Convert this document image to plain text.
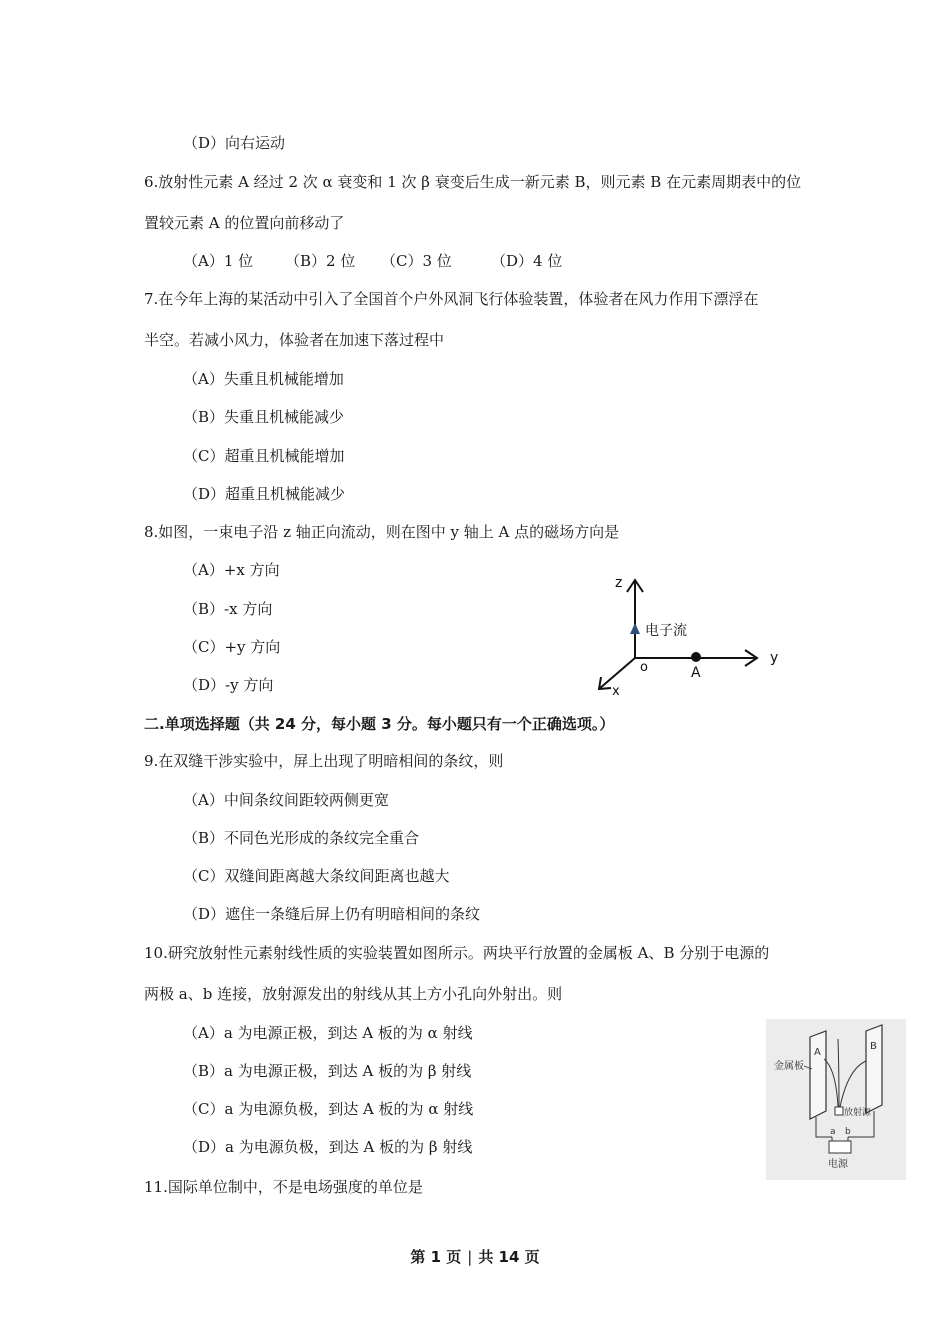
（D）向右运动

6.放射性元素 A 经过 2 次 α 衰变和 1 次 β 衰变后生成一新元素 B，则元素 B 在元素周期表中的位

置较元素 A 的位置向前移动了

（A）1 位 （B）2 位 （C）3 位	（D）4 位

7.在今年上海的某活动中引入了全国首个户外风洞飞行体验装置，体验者在风力作用下漂浮在

半空。若减小风力，体验者在加速下落过程中

（A）失重且机械能增加

（B）失重且机械能减少

（C）超重且机械能增加

（D）超重且机械能减少

8.如图，一束电子沿 z 轴正向流动，则在图中 y 轴上 A 点的磁场方向是

（A）+x 方向

（B）-x 方向

（C）+y 方向

（D）-y 方向

z
y
x
o
电子流
A

二.单项选择题（共 24 分，每小题 3 分。每小题只有一个正确选项。）

9.在双缝干涉实验中，屏上出现了明暗相间的条纹，则

（A）中间条纹间距较两侧更宽

（B）不同色光形成的条纹完全重合

（C）双缝间距离越大条纹间距离也越大

（D）遮住一条缝后屏上仍有明暗相间的条纹

10.研究放射性元素射线性质的实验装置如图所示。两块平行放置的金属板 A、B 分别于电源的

两极 a、b 连接，放射源发出的射线从其上方小孔向外射出。则

（A）a 为电源正极，到达 A 板的为 α 射线

（B）a 为电源正极，到达 A 板的为 β 射线

（C）a 为电源负极，到达 A 板的为 α 射线

（D）a 为电源负极，到达 A 板的为 β 射线

A
B
金属板
放射源
a b
电源

11.国际单位制中，不是电场强度的单位是

第 1 页 | 共 14 页
